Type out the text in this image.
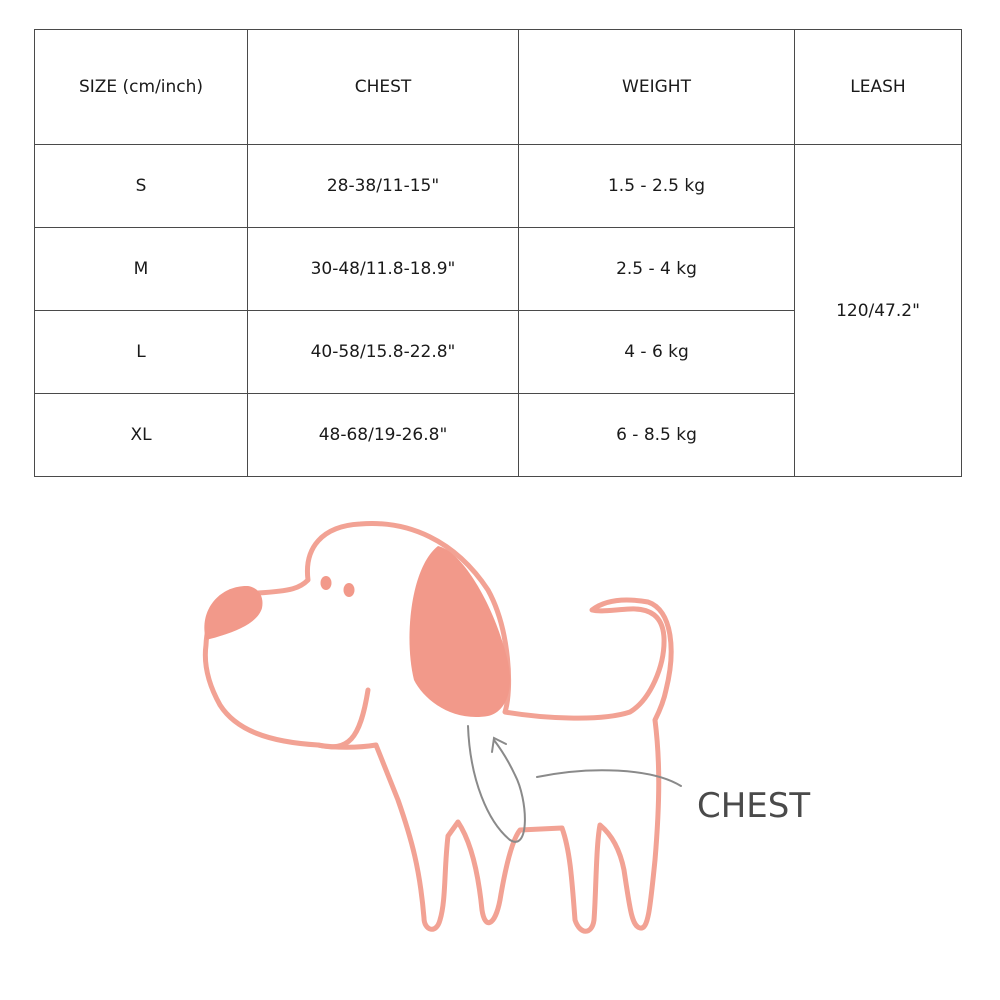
SIZE (cm/inch)	CHEST	WEIGHT	LEASH
S	28-38/11-15"	1.5 - 2.5 kg	120/47.2"
M	30-48/11.8-18.9"	2.5 - 4 kg	
L	40-58/15.8-22.8"	4 - 6 kg	
XL	48-68/19-26.8"	6 - 8.5 kg	
CHEST
